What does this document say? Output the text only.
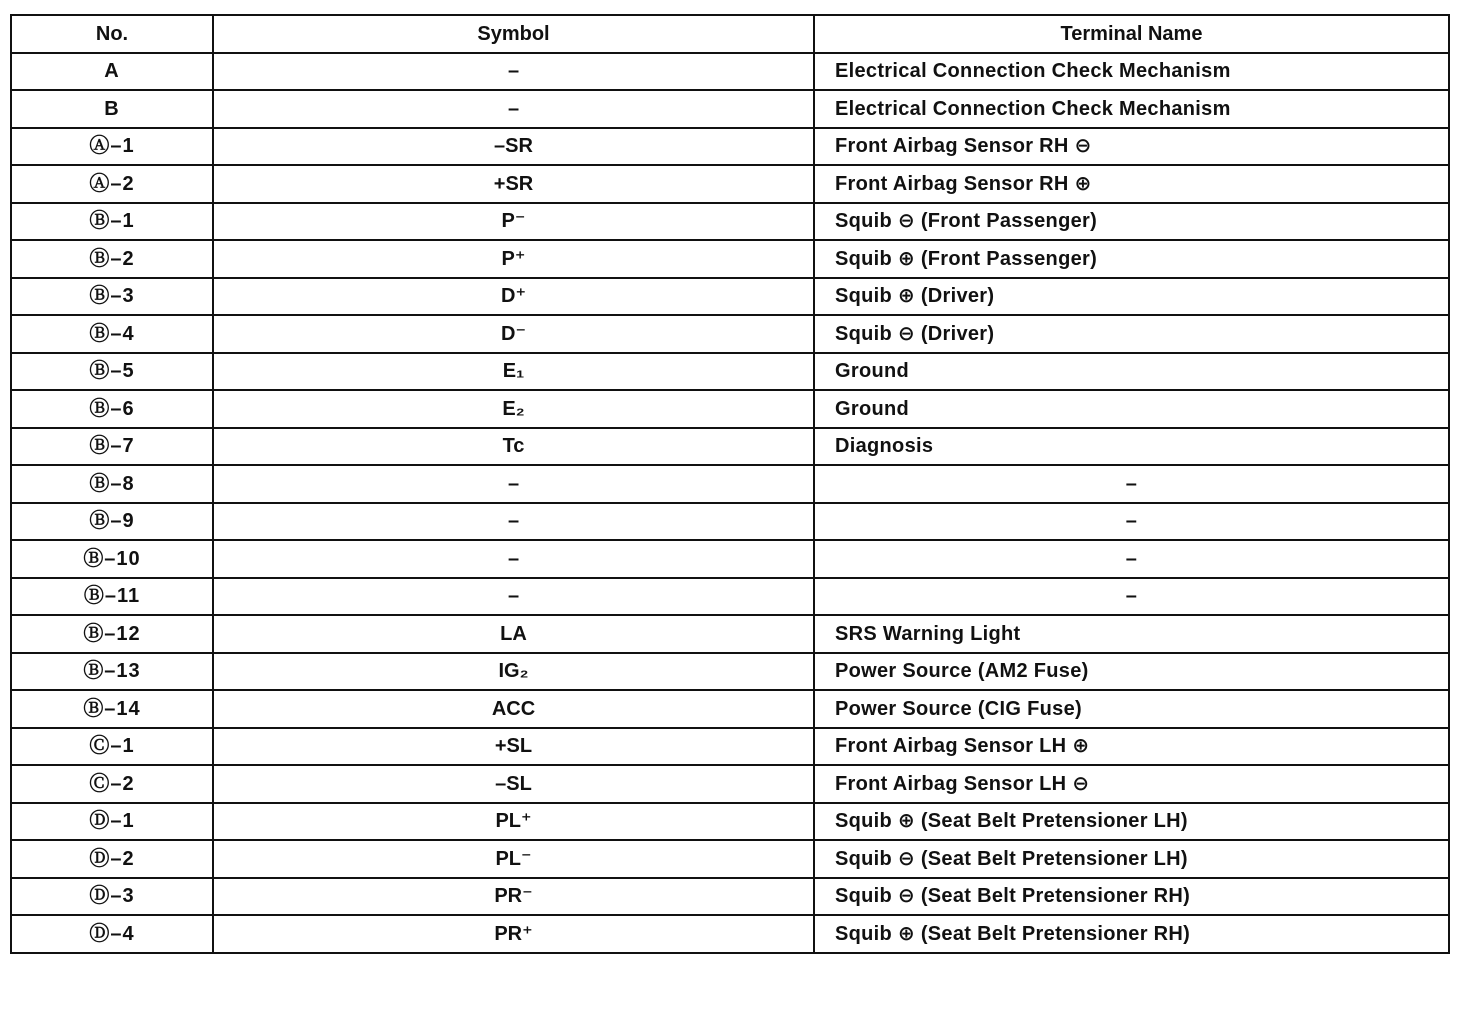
No.	Symbol	Terminal Name
A	–	Electrical Connection Check Mechanism
B	–	Electrical Connection Check Mechanism
Ⓐ–1	–SR	Front Airbag Sensor RH ⊖
Ⓐ–2	+SR	Front Airbag Sensor RH ⊕
Ⓑ–1	P⁻	Squib ⊖ (Front Passenger)
Ⓑ–2	P⁺	Squib ⊕ (Front Passenger)
Ⓑ–3	D⁺	Squib ⊕ (Driver)
Ⓑ–4	D⁻	Squib ⊖ (Driver)
Ⓑ–5	E₁	Ground
Ⓑ–6	E₂	Ground
Ⓑ–7	Tc	Diagnosis
Ⓑ–8	–	–
Ⓑ–9	–	–
Ⓑ–10	–	–
Ⓑ–11	–	–
Ⓑ–12	LA	SRS Warning Light
Ⓑ–13	IG₂	Power Source (AM2 Fuse)
Ⓑ–14	ACC	Power Source (CIG Fuse)
Ⓒ–1	+SL	Front Airbag Sensor LH ⊕
Ⓒ–2	–SL	Front Airbag Sensor LH ⊖
Ⓓ–1	PL⁺	Squib ⊕ (Seat Belt Pretensioner LH)
Ⓓ–2	PL⁻	Squib ⊖ (Seat Belt Pretensioner LH)
Ⓓ–3	PR⁻	Squib ⊖ (Seat Belt Pretensioner RH)
Ⓓ–4	PR⁺	Squib ⊕ (Seat Belt Pretensioner RH)
